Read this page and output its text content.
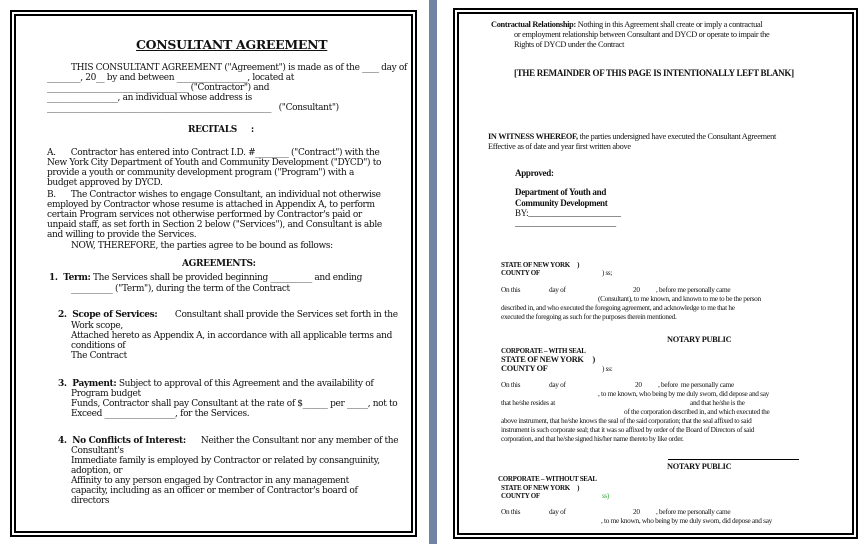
CONSULTANT AGREEMENT
THIS CONSULTANT AGREEMENT ("Agreement") is made as of the ____ day of
________, 20__ by and between _________________, located at
__________________________________ ("Contractor") and
_________________, an individual whose address is
______________________________________________________   ("Consultant")
RECITALS     :
A.      Contractor has entered into Contract I.D. #________ ("Contract") with the
New York City Department of Youth and Community Development ("DYCD") to
provide a youth or community development program ("Program") with a
budget approved by DYCD.
B.      The Contractor wishes to engage Consultant, an individual not otherwise
employed by Contractor whose resume is attached in Appendix A, to perform
certain Program services not otherwise performed by Contractor's paid or
unpaid staff, as set forth in Section 2 below ("Services"), and Consultant is able
and willing to provide the Services.
NOW, THEREFORE, the parties agree to be bound as follows:
AGREEMENTS:
1.  Term: The Services shall be provided beginning __________ and ending
__________ ("Term"), during the term of the Contract
2.  Scope of Services:       Consultant shall provide the Services set forth in the
Work scope,
Attached hereto as Appendix A, in accordance with all applicable terms and
conditions of
The Contract
3.  Payment: Subject to approval of this Agreement and the availability of
Program budget
Funds, Contractor shall pay Consultant at the rate of $______ per _____, not to
Exceed _________________, for the Services.
4.  No Conflicts of Interest:      Neither the Consultant nor any member of the
Consultant's
Immediate family is employed by Contractor or related by consanguinity,
adoption, or
Affinity to any person engaged by Contractor in any management
capacity, including as an officer or member of Contractor's board of
directors
Contractual Relationship: Nothing in this Agreement shall create or imply a contractual
or employment relationship between Consultant and DYCD or operate to impair the
Rights of DYCD under the Contract
[THE REMAINDER OF THIS PAGE IS INTENTIONALLY LEFT BLANK]
IN WITNESS WHEREOF, the parties undersigned have executed the Consultant Agreement
Effective as of date and year first written above
Approved:
Department of Youth and
Community Development
BY:______________________
________________________
STATE OF NEW YORK     )
COUNTY OF	) ss;
On this	day of	20 , before me personally came
(Consultant), to me known, and known to me to be the person
described in, and who executed the foregoing agreement, and acknowledge to me that he
executed the foregoing as such for the purposes therein mentioned.
NOTARY PUBLIC
CORPORATE – WITH SEAL
STATE OF NEW YORK     )
COUNTY OF	) ss:
On this	day of	20 , before  me personally came
, to me known, who being by me duly sworn, did depose and say
that he/she resides at	and that he/she is the
of the corporation described in, and which executed the
above instrument, that he/she knows the seal of the said corporation; that the seal affixed to said
instrument is such corporate seal; that it was so affixed by order of the Board of Directors of said
corporation, and that he/she signed his/her name thereto by like order.
NOTARY PUBLIC
CORPORATE – WITHOUT SEAL
STATE OF NEW YORK     )
COUNTY OF	ss)
On this	day of	20 , before me personally came
, to me known, who being by me duly sworn, did depose and say
